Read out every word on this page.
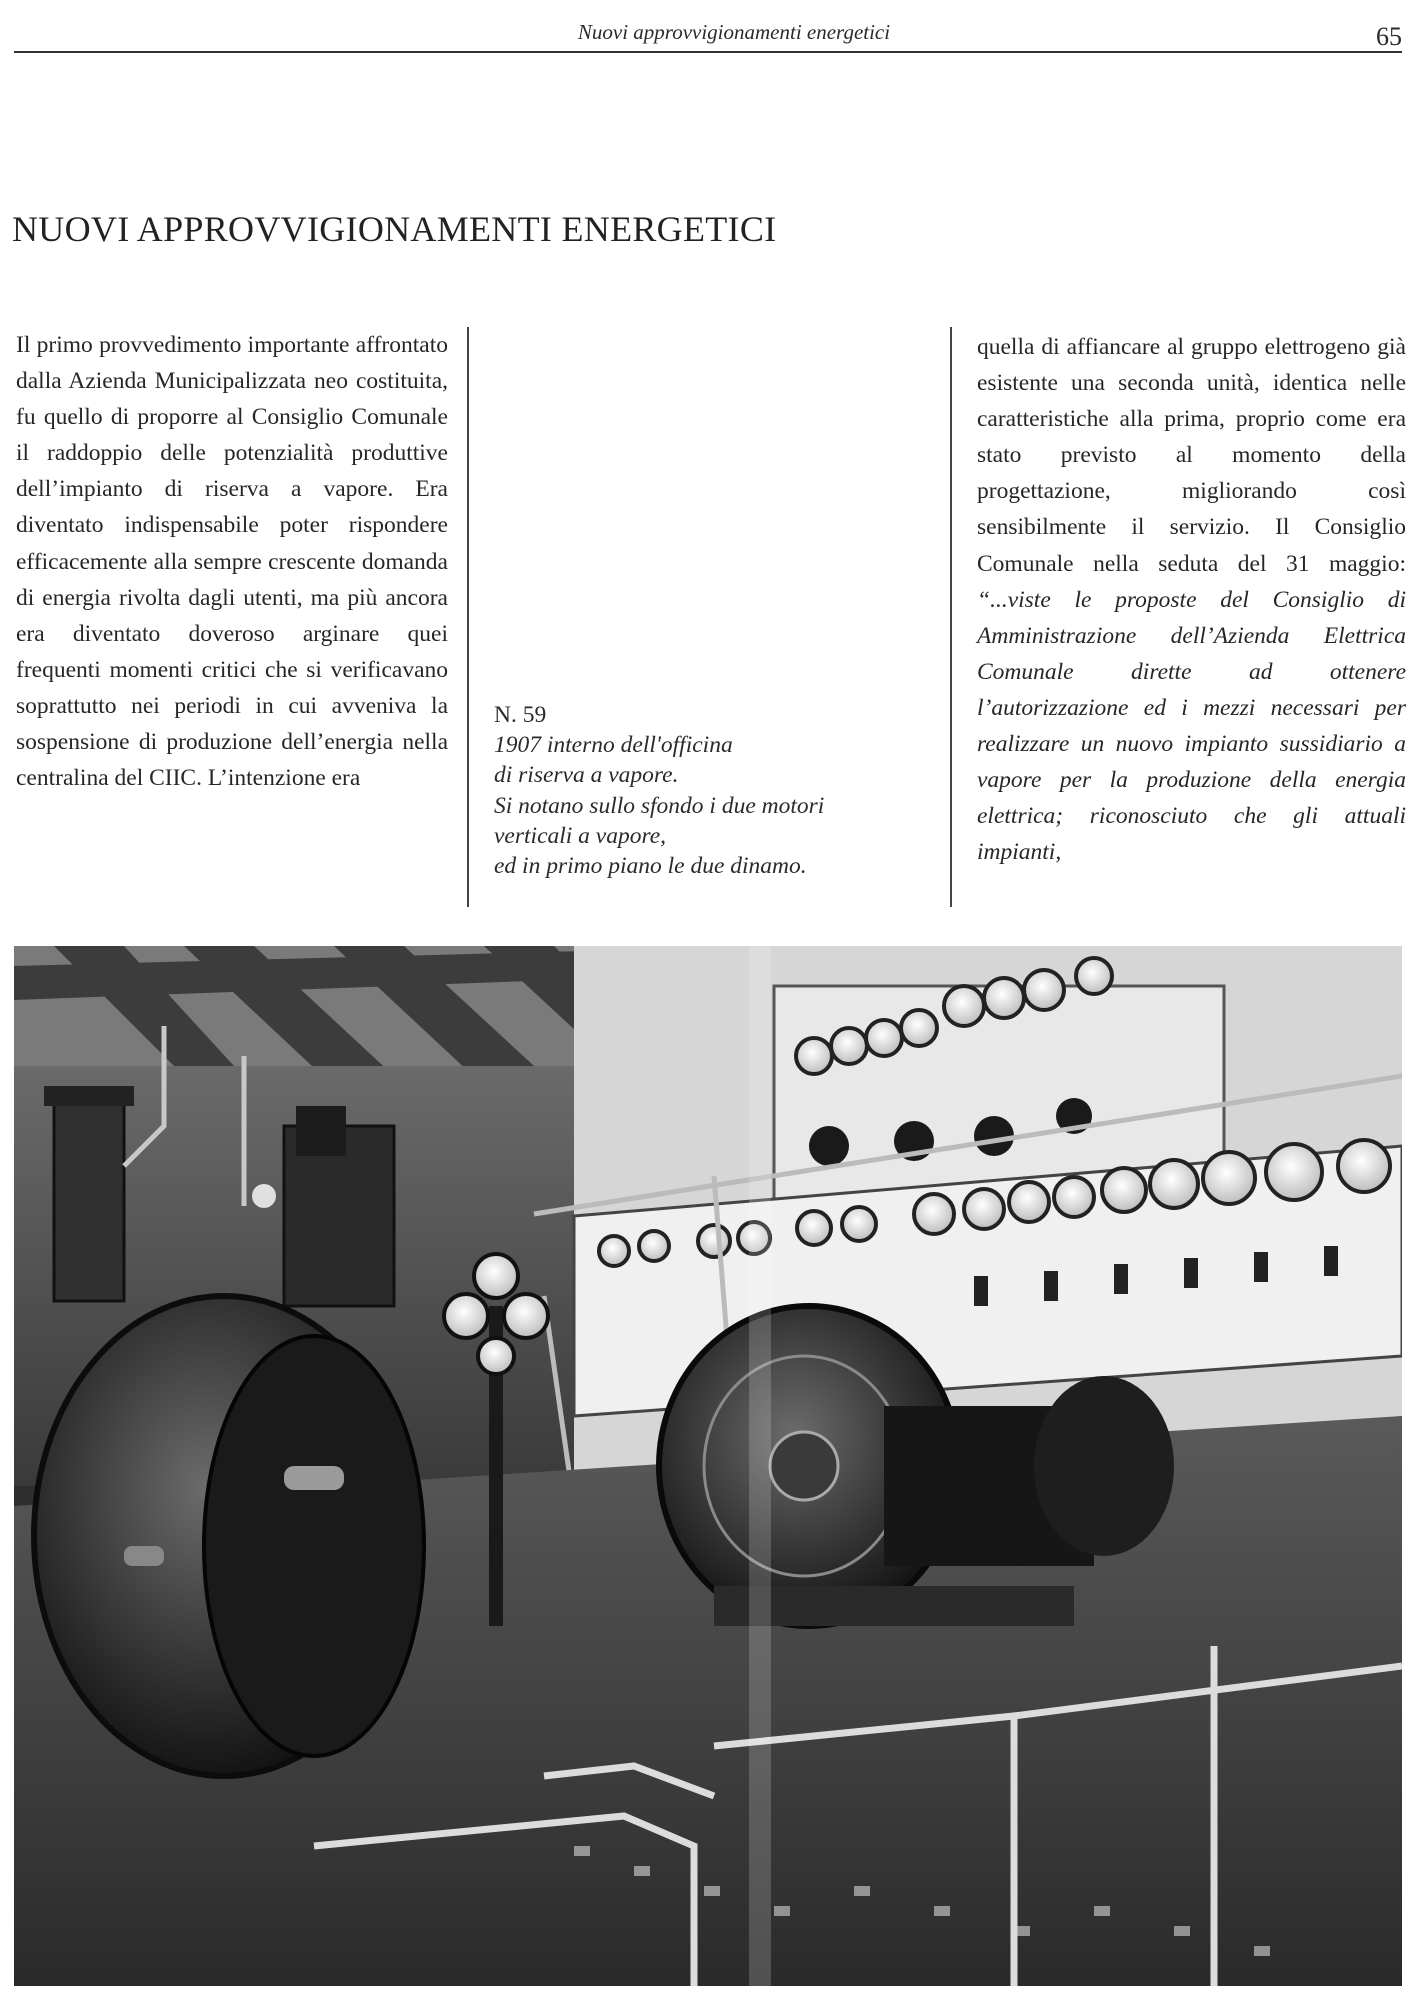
Nuovi approvvigionamenti energetici	65
NUOVI APPROVVIGIONAMENTI ENERGETICI

Il primo provvedimento importante affrontato dalla Azienda Municipalizzata neo costituita, fu quello di proporre al Consiglio Comunale il raddoppio delle potenzialità produttive dell’impianto di riserva a vapore. Era diventato indispensabile poter rispondere efficacemente alla sempre crescente domanda di energia rivolta dagli utenti, ma più ancora era diventato doveroso arginare quei frequenti momenti critici che si verificavano soprattutto nei periodi in cui avveniva la sospensione di produzione dell’energia nella centralina del CIIC. L’intenzione era

N. 59
1907 interno dell'officina
di riserva a vapore.
Si notano sullo sfondo i due motori
verticali a vapore,
ed in primo piano le due dinamo.

quella di affiancare al gruppo elettrogeno già esistente una seconda unità, identica nelle caratteristiche alla prima, proprio come era stato previsto al momento della progettazione, migliorando così sensibilmente il servizio. Il Consiglio Comunale nella seduta del 31 maggio: “...viste le proposte del Consiglio di Amministrazione dell’Azienda Elettrica Comunale dirette ad ottenere l’autorizzazione ed i mezzi necessari per realizzare un nuovo impianto sussidiario a vapore per la produzione della energia elettrica; riconosciuto che gli attuali impianti,
